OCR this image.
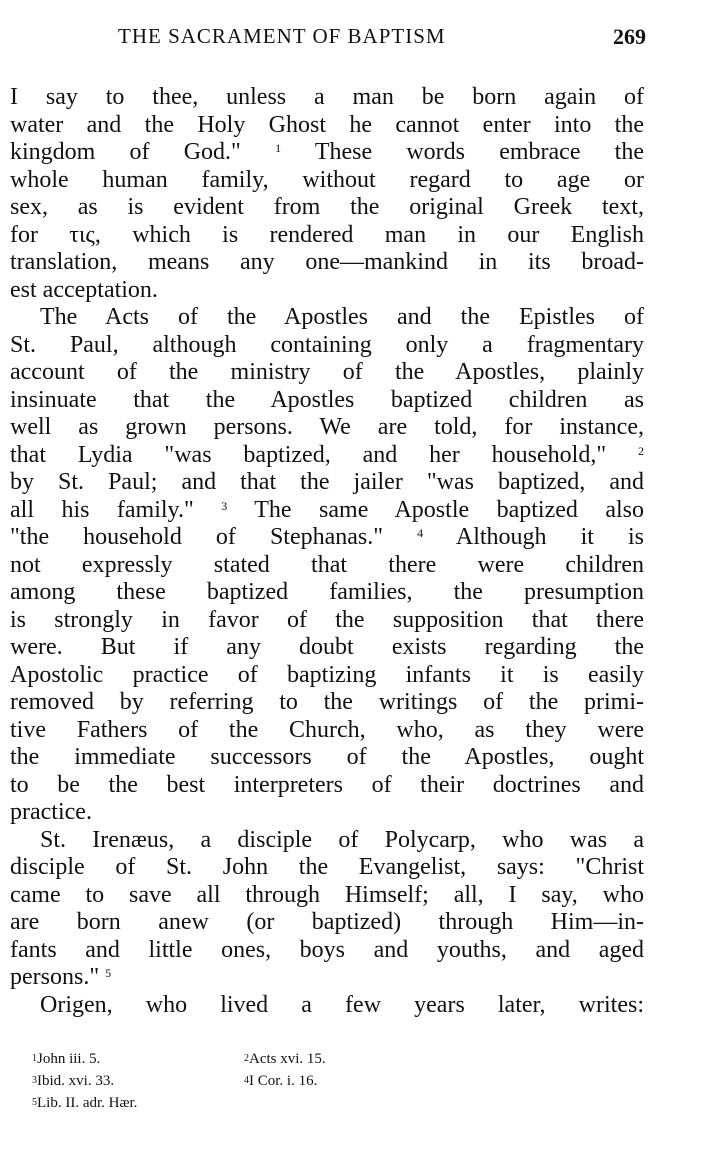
THE SACRAMENT OF BAPTISM	269
I say to thee, unless a man be born again of
water and the Holy Ghost he cannot enter into the
kingdom of God." $^1$ These words embrace the
whole human family, without regard to age or
sex, as is evident from the original Greek text,
for τις, which is rendered man in our English
translation, means any one—mankind in its broad-
est acceptation.
The Acts of the Apostles and the Epistles of
St. Paul, although containing only a fragmentary
account of the ministry of the Apostles, plainly
insinuate that the Apostles baptized children as
well as grown persons. We are told, for instance,
that Lydia "was baptized, and her household," $^2$
by St. Paul; and that the jailer "was baptized, and
all his family." $^3$ The same Apostle baptized also
"the household of Stephanas." $^4$ Although it is
not expressly stated that there were children
among these baptized families, the presumption
is strongly in favor of the supposition that there
were. But if any doubt exists regarding the
Apostolic practice of baptizing infants it is easily
removed by referring to the writings of the primi-
tive Fathers of the Church, who, as they were
the immediate successors of the Apostles, ought
to be the best interpreters of their doctrines and
practice.
St. Irenæus, a disciple of Polycarp, who was a
disciple of St. John the Evangelist, says: "Christ
came to save all through Himself; all, I say, who
are born anew (or baptized) through Him—in-
fants and little ones, boys and youths, and aged
persons." $^5$
Origen, who lived a few years later, writes:
$^1$John iii. 5.	$^2$Acts xvi. 15.
$^3$Ibid. xvi. 33.	$^4$I Cor. i. 16.
$^5$Lib. II. adr. Hær.
